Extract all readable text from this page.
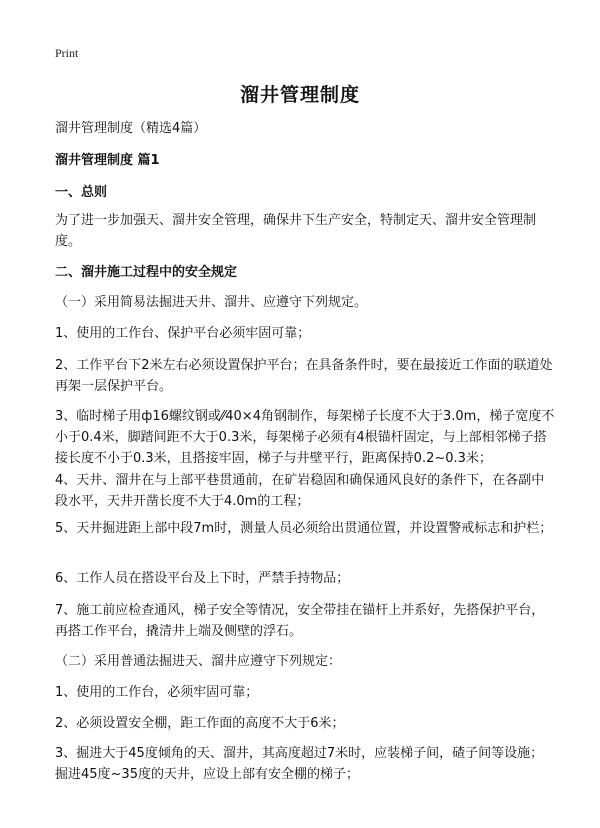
Print
溜井管理制度
溜井管理制度（精选4篇）
溜井管理制度 篇1
一、总则
为了进一步加强天、溜井安全管理，确保井下生产安全，特制定天、溜井安全管理制度。
二、溜井施工过程中的安全规定
（一）采用简易法掘进天井、溜井、应遵守下列规定。
1、使用的工作台、保护平台必须牢固可靠；
2、工作平台下2米左右必须设置保护平台；在具备条件时，要在最接近工作面的联道处再架一层保护平台。
3、临时梯子用ф16螺纹钢或⁄⁄40×4角钢制作，每架梯子长度不大于3.0m，梯子宽度不小于0.4米，脚踏间距不大于0.3米，每架梯子必须有4根锚杆固定，与上部相邻梯子搭接长度不小于0.3米，且搭接牢固，梯子与井壁平行，距离保持0.2~0.3米；
4、天井、溜井在与上部平巷贯通前，在矿岩稳固和确保通风良好的条件下，在各副中段水平，天井开凿长度不大于4.0m的工程；
5、天井掘进距上部中段7m时，测量人员必须给出贯通位置，并设置警戒标志和护栏；
6、工作人员在搭设平台及上下时，严禁手持物品；
7、施工前应检查通风，梯子安全等情况，安全带挂在锚杆上并系好，先搭保护平台，再搭工作平台，撬清井上端及侧壁的浮石。
（二）采用普通法掘进天、溜井应遵守下列规定：
1、使用的工作台，必须牢固可靠；
2、必须设置安全棚，距工作面的高度不大于6米；
3、掘进大于45度倾角的天、溜井，其高度超过7米时，应装梯子间，碴子间等设施；掘进45度~35度的天井，应设上部有安全棚的梯子；
